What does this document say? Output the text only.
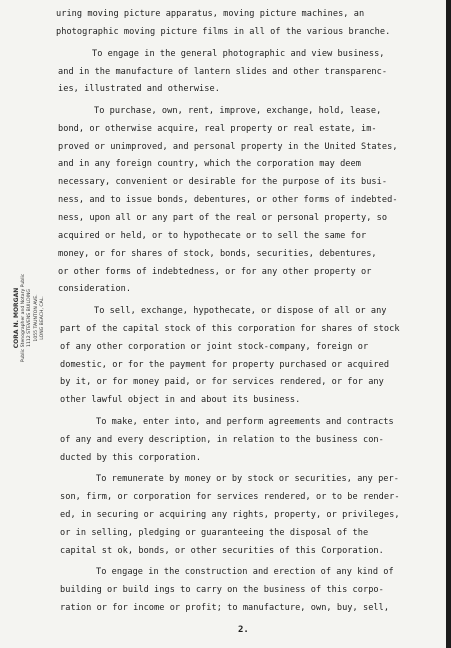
CORA N. MORGAN Public Stenographer and Notary Public 1112 STEVENS BUILDING 1055 TAUNTON AVE. LONG BEACH, CAL.
uring moving picture apparatus, moving picture machines, an
photographic moving picture films in all of the various branche.
To engage in the general photographic and view business,
and in the manufacture of lantern slides and other transparenc-
ies, illustrated and otherwise.
To purchase, own, rent, improve, exchange, hold, lease,
bond, or otherwise acquire, real property or real estate, im-
proved or unimproved, and personal property in the United States,
and in any foreign country, which the corporation may deem
necessary, convenient or desirable for the purpose of its busi-
ness, and to issue bonds, debentures, or other forms of indebted-
ness, upon all or any part of the real or personal property, so
acquired or held, or to hypothecate or to sell the same for
money, or for shares of stock, bonds, securities, debentures,
or other forms of indebtedness, or for any other property or
consideration.
To sell, exchange, hypothecate, or dispose of all or any
part of the capital stock of this corporation for shares of stock
of any other corporation or joint stock-company, foreign or
domestic, or for the payment for property purchased or acquired
by it, or for money paid, or for services rendered, or for any
other lawful object in and about its business.
To make, enter into, and perform agreements and contracts
of any and every description, in relation to the business con-
ducted by this corporation.
To remunerate by money or by stock or securities, any per-
son, firm, or corporation for services rendered, or to be render-
ed, in securing or acquiring any rights, property, or privileges,
or in selling, pledging or guaranteeing the disposal of the
capital st ok, bonds, or other securities of this Corporation.
To engage in the construction and erection of any kind of
building or build ings to carry on the business of this corpo-
ration or for income or profit; to manufacture, own, buy, sell,
2.
